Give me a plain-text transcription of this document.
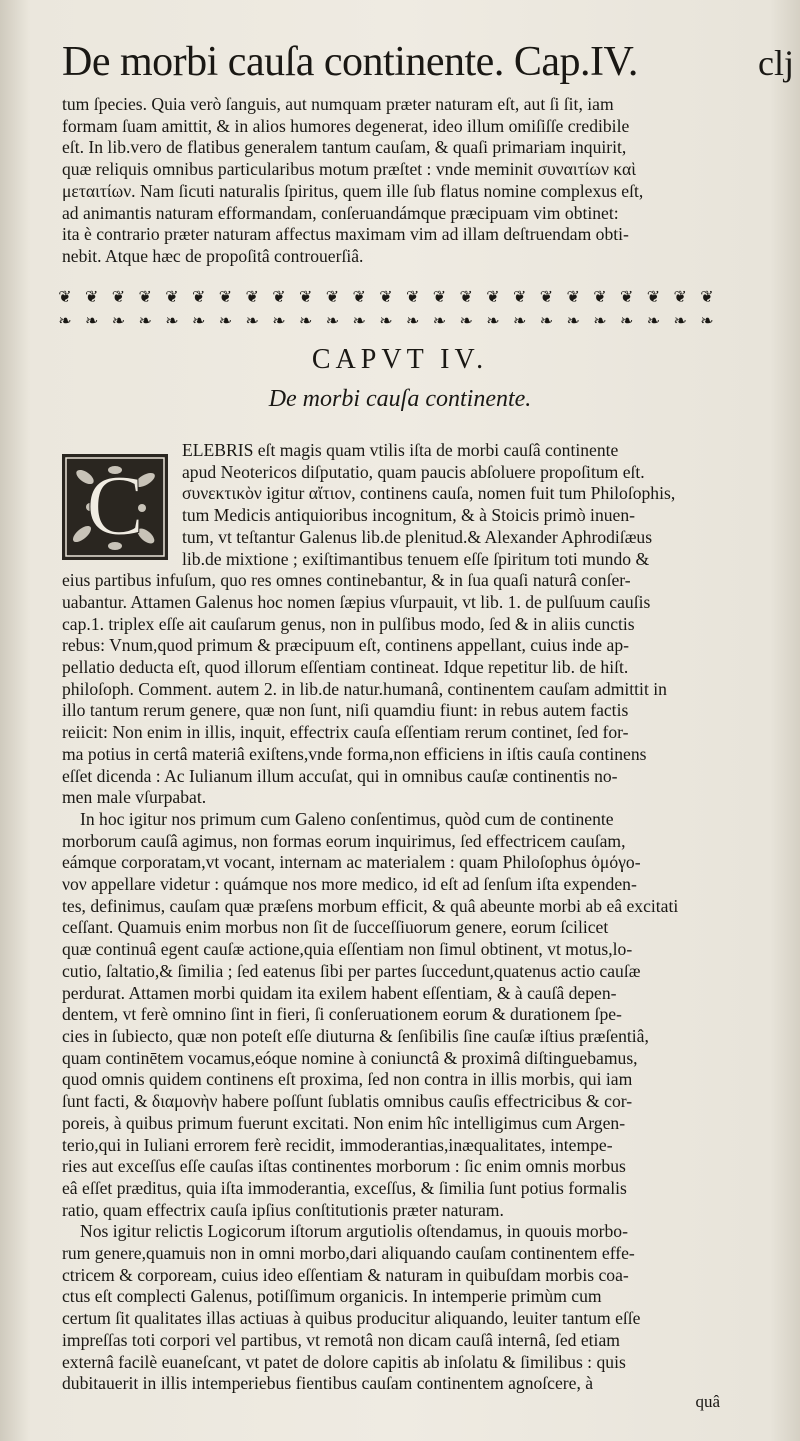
De morbi cauſa continente. Cap.IV.	clj

tum ſpecies. Quia verò ſanguis, aut numquam præter naturam eſt, aut ſi ſit, iam

formam ſuam amittit, & in alios humores degenerat, ideo illum omiſiſſe credibile

eſt. In lib.vero de flatibus generalem tantum cauſam, & quaſi primariam inquirit,

quæ reliquis omnibus particularibus motum præſtet : vnde meminit συναιτίων καὶ

μεταιτίων. Nam ſicuti naturalis ſpiritus, quem ille ſub flatus nomine complexus eſt,

ad animantis naturam efformandam, conſeruandámque præcipuam vim obtinet:

ita è contrario præter naturam affectus maximam vim ad illam deſtruendam obti-

nebit. Atque hæc de propoſitâ controuerſiâ.

❦ ❦ ❦ ❦ ❦ ❦ ❦ ❦ ❦ ❦ ❦ ❦ ❦ ❦ ❦ ❦ ❦ ❦ ❦ ❦ ❦ ❦ ❦ ❦ ❦
❧ ❧ ❧ ❧ ❧ ❧ ❧ ❧ ❧ ❧ ❧ ❧ ❧ ❧ ❧ ❧ ❧ ❧ ❧ ❧ ❧ ❧ ❧ ❧ ❧
CAPVT IV.
De morbi cauſa continente.
C

ELEBRIS eſt magis quam vtilis iſta de morbi cauſâ continente

apud Neotericos diſputatio, quam paucis abſoluere propoſitum eſt.

συνεκτικὸν igitur αἴτιον, continens cauſa, nomen fuit tum Philoſophis,

tum Medicis antiquioribus incognitum, & à Stoicis primò inuen-

tum, vt teſtantur Galenus lib.de plenitud.& Alexander Aphrodiſæus

lib.de mixtione ; exiſtimantibus tenuem eſſe ſpiritum toti mundo &

eius partibus infuſum, quo res omnes continebantur, & in ſua quaſi naturâ conſer-

uabantur. Attamen Galenus hoc nomen ſæpius vſurpauit, vt lib. 1. de pulſuum cauſis

cap.1. triplex eſſe ait cauſarum genus, non in pulſibus modo, ſed & in aliis cunctis

rebus: Vnum,quod primum & præcipuum eſt, continens appellant, cuius inde ap-

pellatio deducta eſt, quod illorum eſſentiam contineat. Idque repetitur lib. de hiſt.

philoſoph. Comment. autem 2. in lib.de natur.humanâ, continentem cauſam admittit in

illo tantum rerum genere, quæ non ſunt, niſi quamdiu fiunt: in rebus autem factis

reiicit: Non enim in illis, inquit, effectrix cauſa eſſentiam rerum continet, ſed for-

ma potius in certâ materiâ exiſtens,vnde forma,non efficiens in iſtis cauſa continens

eſſet dicenda : Ac Iulianum illum accuſat, qui in omnibus cauſæ continentis no-

men male vſurpabat.

In hoc igitur nos primum cum Galeno conſentimus, quòd cum de continente

morborum cauſâ agimus, non formas eorum inquirimus, ſed effectricem cauſam,

eámque corporatam,vt vocant, internam ac materialem : quam Philoſophus ὁμόγο-

νον appellare videtur : quámque nos more medico, id eſt ad ſenſum iſta expenden-

tes, definimus, cauſam quæ præſens morbum efficit, & quâ abeunte morbi ab eâ excitati

ceſſant. Quamuis enim morbus non ſit de ſucceſſiuorum genere, eorum ſcilicet

quæ continuâ egent cauſæ actione,quia eſſentiam non ſimul obtinent, vt motus,lo-

cutio, ſaltatio,& ſimilia ; ſed eatenus ſibi per partes ſuccedunt,quatenus actio cauſæ

perdurat. Attamen morbi quidam ita exilem habent eſſentiam, & à cauſâ depen-

dentem, vt ferè omnino ſint in fieri, ſi conſeruationem eorum & durationem ſpe-

cies in ſubiecto, quæ non poteſt eſſe diuturna & ſenſibilis ſine cauſæ iſtius præſentiâ,

quam continētem vocamus,eóque nomine à coniunctâ & proximâ diſtinguebamus,

quod omnis quidem continens eſt proxima, ſed non contra in illis morbis, qui iam

ſunt facti, & διαμονὴν habere poſſunt ſublatis omnibus cauſis effectricibus & cor-

poreis, à quibus primum fuerunt excitati. Non enim hîc intelligimus cum Argen-

terio,qui in Iuliani errorem ferè recidit, immoderantias,inæqualitates, intempe-

ries aut exceſſus eſſe cauſas iſtas continentes morborum : ſic enim omnis morbus

eâ eſſet præditus, quia iſta immoderantia, exceſſus, & ſimilia ſunt potius formalis

ratio, quam effectrix cauſa ipſius conſtitutionis præter naturam.

Nos igitur relictis Logicorum iſtorum argutiolis oſtendamus, in quouis morbo-

rum genere,quamuis non in omni morbo,dari aliquando cauſam continentem effe-

ctricem & corpoream, cuius ideo eſſentiam & naturam in quibuſdam morbis coa-

ctus eſt complecti Galenus, potiſſimum organicis. In intemperie primùm cum

certum ſit qualitates illas actiuas à quibus producitur aliquando, leuiter tantum eſſe

impreſſas toti corpori vel partibus, vt remotâ non dicam cauſâ internâ, ſed etiam

externâ facilè euaneſcant, vt patet de dolore capitis ab inſolatu & ſimilibus : quis

dubitauerit in illis intemperiebus fientibus cauſam continentem agnoſcere, à

quâ
